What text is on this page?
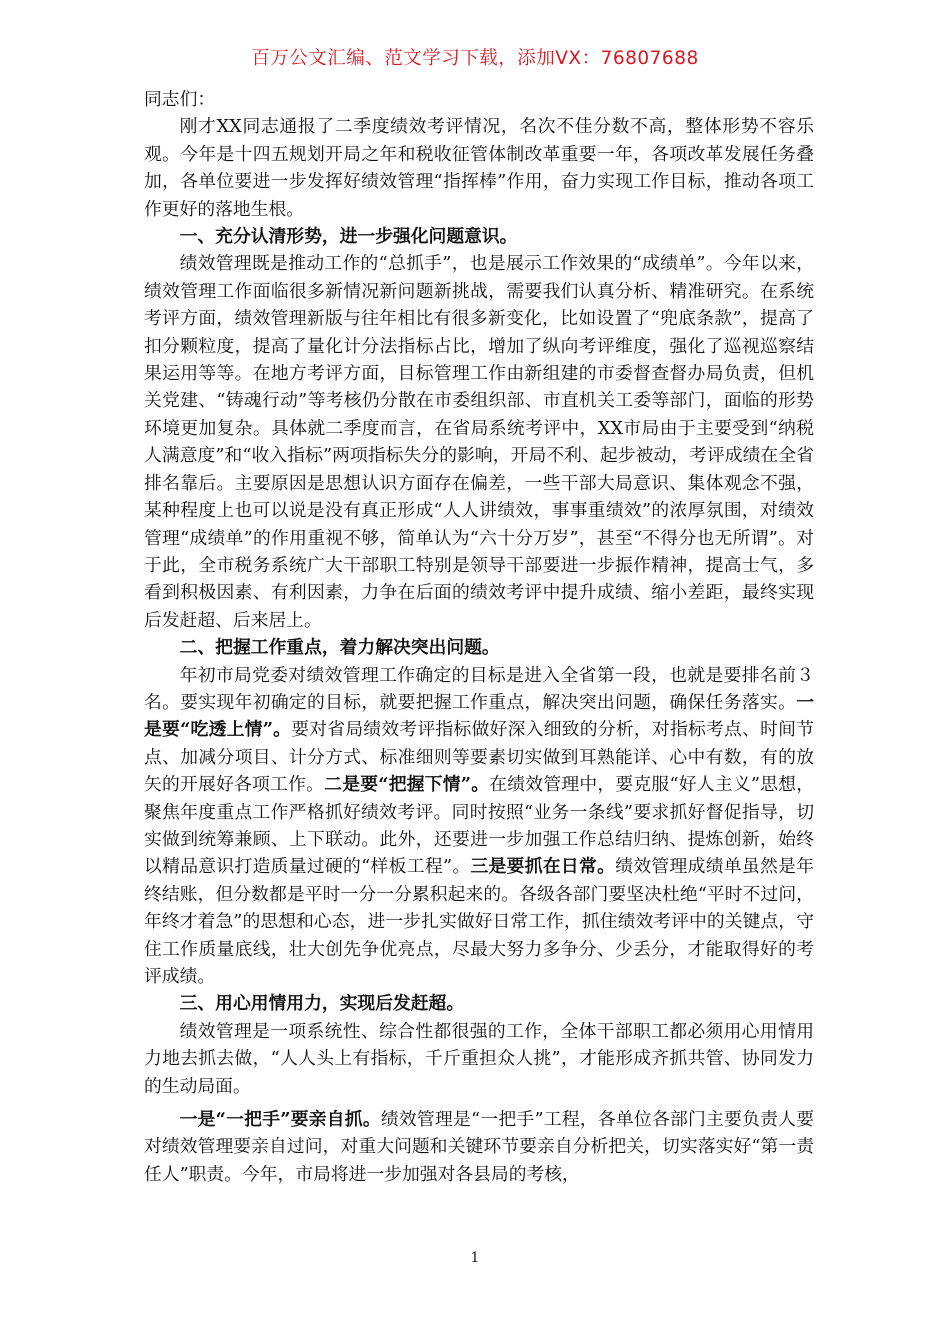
百万公文汇编、范文学习下载，添加VX：76807688

同志们：

刚才XX同志通报了二季度绩效考评情况，名次不佳分数不高，整体形势不容乐观。今年是十四五规划开局之年和税收征管体制改革重要一年，各项改革发展任务叠加，各单位要进一步发挥好绩效管理“指挥棒”作用，奋力实现工作目标，推动各项工作更好的落地生根。

一、充分认清形势，进一步强化问题意识。

绩效管理既是推动工作的“总抓手”，也是展示工作效果的“成绩单”。今年以来，绩效管理工作面临很多新情况新问题新挑战，需要我们认真分析、精准研究。在系统考评方面，绩效管理新版与往年相比有很多新变化，比如设置了“兜底条款”，提高了扣分颗粒度，提高了量化计分法指标占比，增加了纵向考评维度，强化了巡视巡察结果运用等等。在地方考评方面，目标管理工作由新组建的市委督查督办局负责，但机关党建、“铸魂行动”等考核仍分散在市委组织部、市直机关工委等部门，面临的形势环境更加复杂。具体就二季度而言，在省局系统考评中，XX市局由于主要受到“纳税人满意度”和“收入指标”两项指标失分的影响，开局不利、起步被动，考评成绩在全省排名靠后。主要原因是思想认识方面存在偏差，一些干部大局意识、集体观念不强，某种程度上也可以说是没有真正形成“人人讲绩效，事事重绩效”的浓厚氛围，对绩效管理“成绩单”的作用重视不够，简单认为“六十分万岁”，甚至“不得分也无所谓”。对于此，全市税务系统广大干部职工特别是领导干部要进一步振作精神，提高士气，多看到积极因素、有利因素，力争在后面的绩效考评中提升成绩、缩小差距，最终实现后发赶超、后来居上。

二、把握工作重点，着力解决突出问题。

年初市局党委对绩效管理工作确定的目标是进入全省第一段，也就是要排名前３名。要实现年初确定的目标，就要把握工作重点，解决突出问题，确保任务落实。一是要“吃透上情”。要对省局绩效考评指标做好深入细致的分析，对指标考点、时间节点、加减分项目、计分方式、标准细则等要素切实做到耳熟能详、心中有数，有的放矢的开展好各项工作。二是要“把握下情”。在绩效管理中，要克服“好人主义”思想，聚焦年度重点工作严格抓好绩效考评。同时按照“业务一条线”要求抓好督促指导，切实做到统筹兼顾、上下联动。此外，还要进一步加强工作总结归纳、提炼创新，始终以精品意识打造质量过硬的“样板工程”。三是要抓在日常。绩效管理成绩单虽然是年终结账，但分数都是平时一分一分累积起来的。各级各部门要坚决杜绝“平时不过问，年终才着急”的思想和心态，进一步扎实做好日常工作，抓住绩效考评中的关键点，守住工作质量底线，壮大创先争优亮点，尽最大努力多争分、少丢分，才能取得好的考评成绩。

三、用心用情用力，实现后发赶超。

绩效管理是一项系统性、综合性都很强的工作，全体干部职工都必须用心用情用力地去抓去做，“人人头上有指标，千斤重担众人挑”，才能形成齐抓共管、协同发力的生动局面。

一是“一把手”要亲自抓。绩效管理是“一把手”工程，各单位各部门主要负责人要对绩效管理要亲自过问，对重大问题和关键环节要亲自分析把关，切实落实好“第一责任人”职责。今年，市局将进一步加强对各县局的考核，

1
